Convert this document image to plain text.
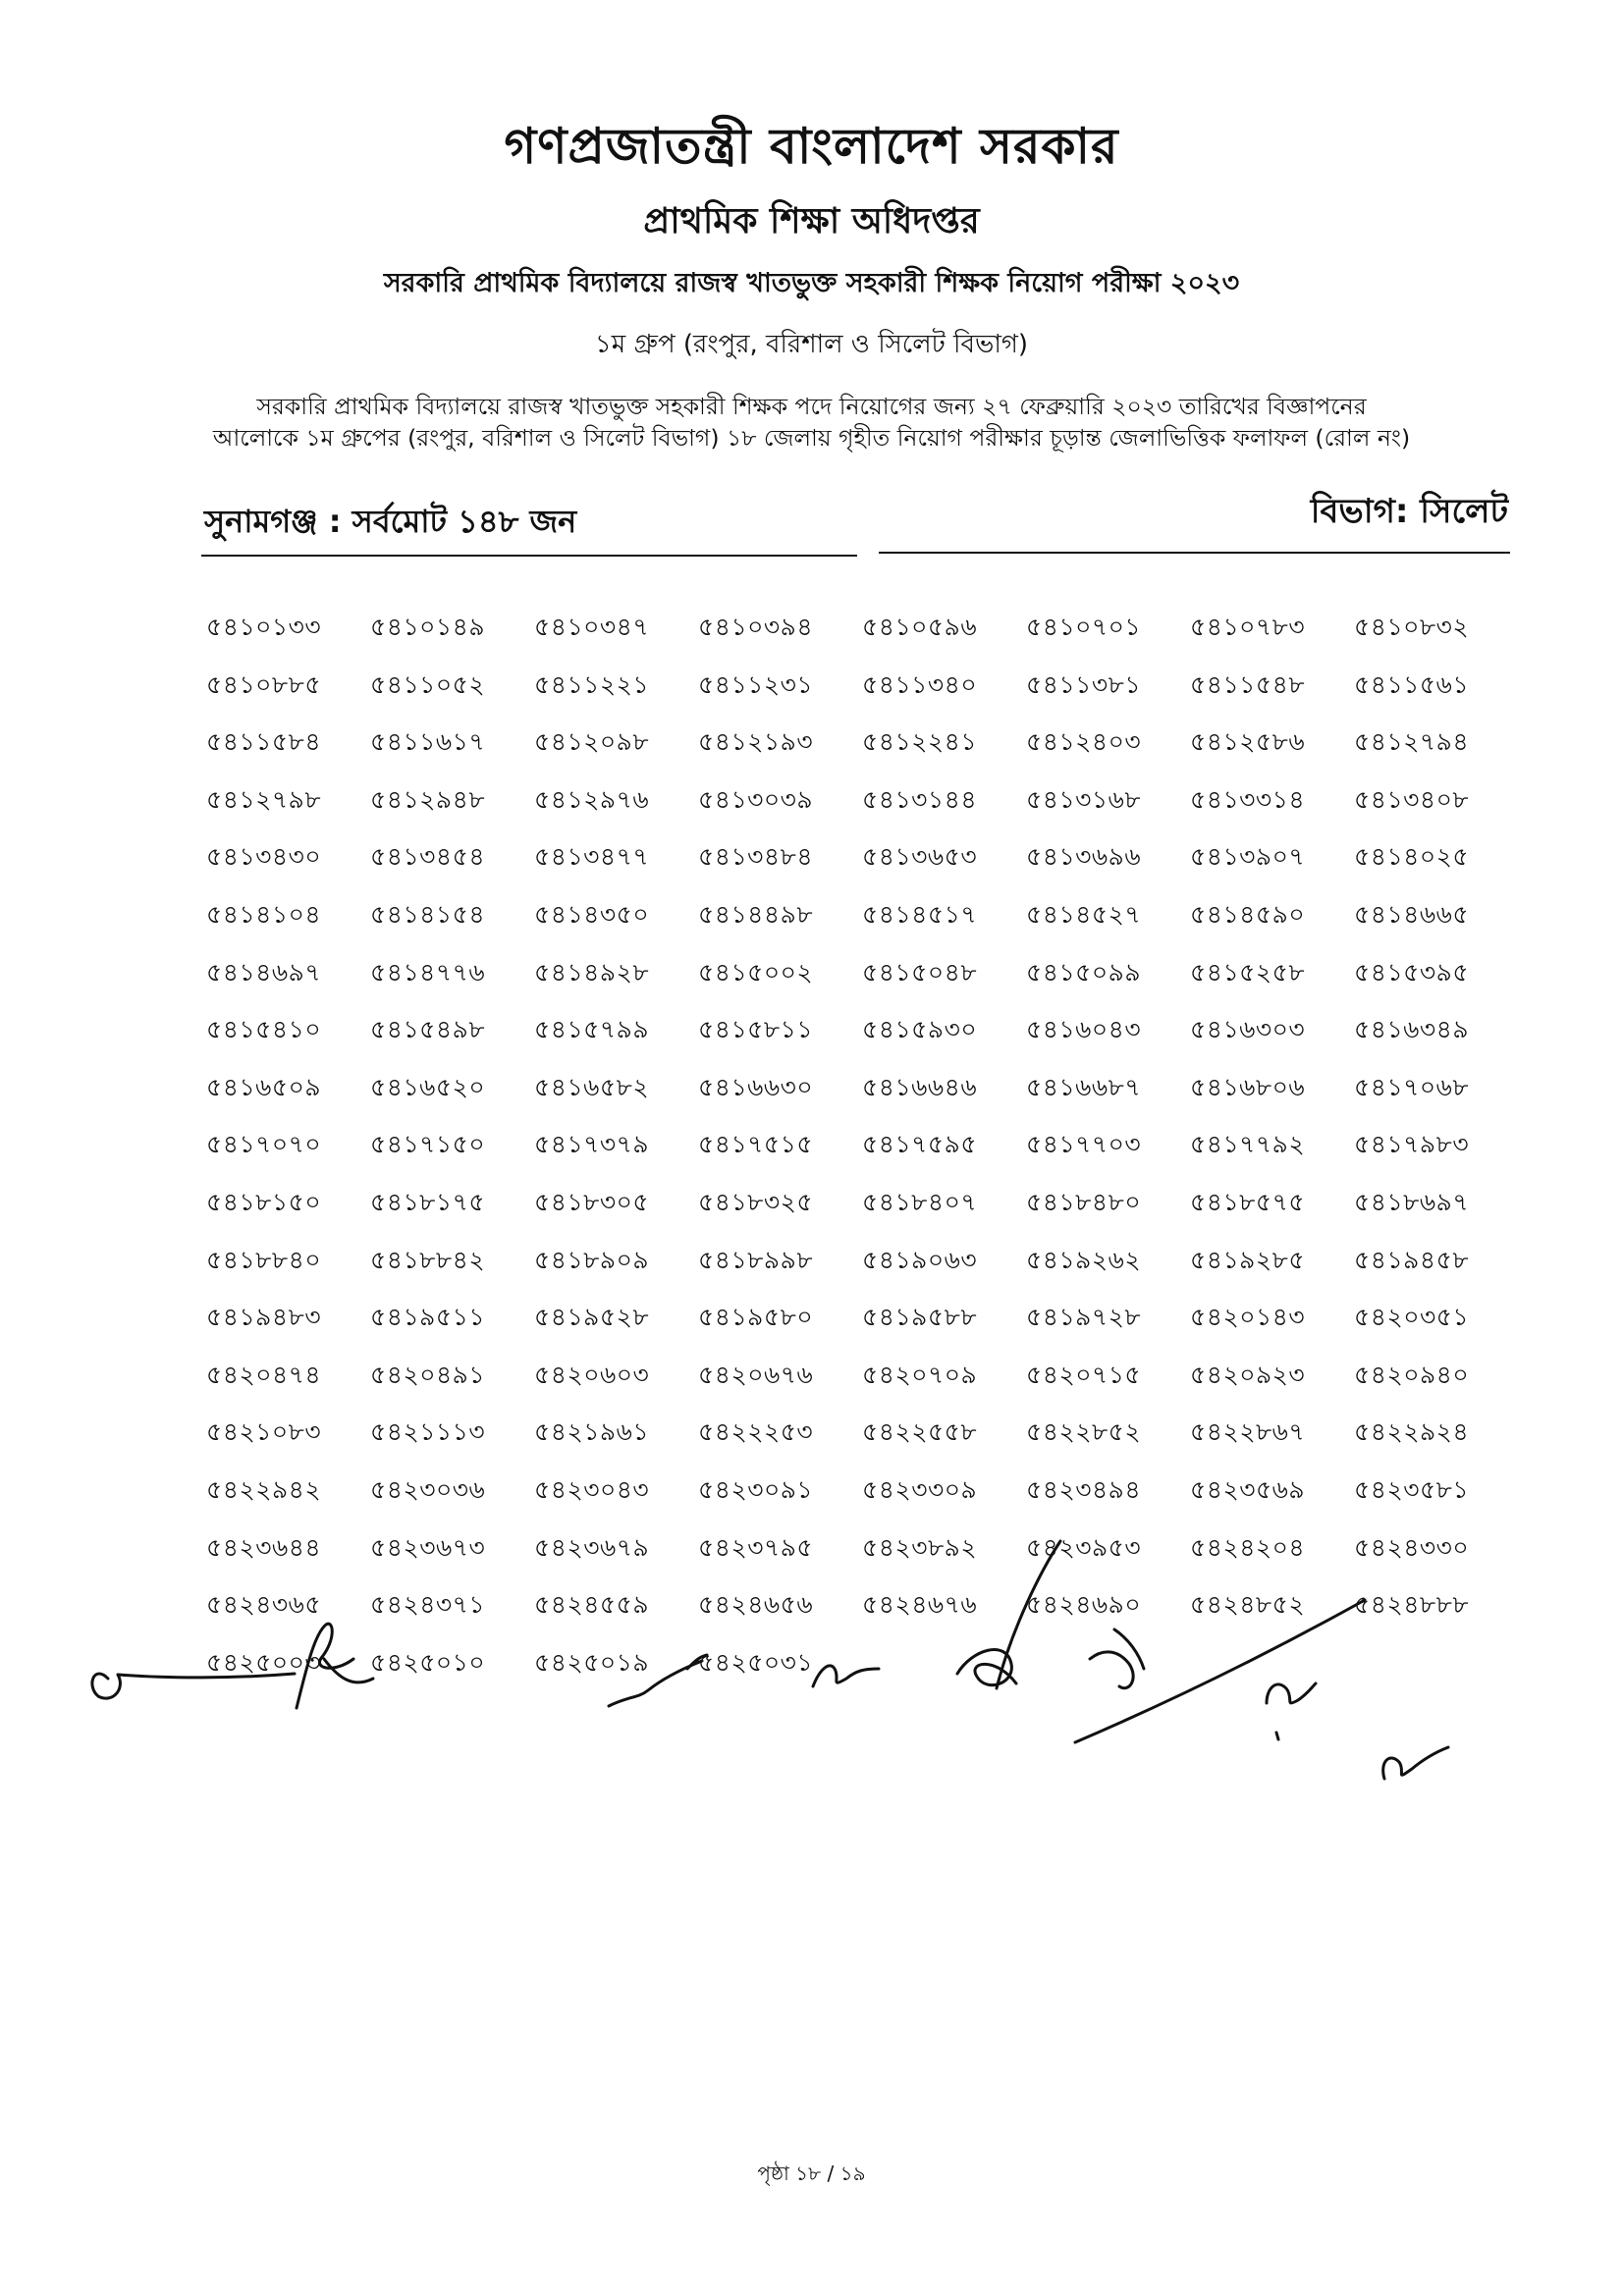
গণপ্রজাতন্ত্রী বাংলাদেশ সরকার
প্রাথমিক শিক্ষা অধিদপ্তর
সরকারি প্রাথমিক বিদ্যালয়ে রাজস্ব খাতভুক্ত সহকারী শিক্ষক নিয়োগ পরীক্ষা ২০২৩
১ম গ্রুপ (রংপুর, বরিশাল ও সিলেট বিভাগ)
সরকারি প্রাথমিক বিদ্যালয়ে রাজস্ব খাতভুক্ত সহকারী শিক্ষক পদে নিয়োগের জন্য ২৭ ফেব্রুয়ারি ২০২৩ তারিখের বিজ্ঞাপনের
আলোকে ১ম গ্রুপের (রংপুর, বরিশাল ও সিলেট বিভাগ) ১৮ জেলায় গৃহীত নিয়োগ পরীক্ষার চূড়ান্ত জেলাভিত্তিক ফলাফল (রোল নং)
সুনামগঞ্জ : সর্বমোট ১৪৮ জন	বিভাগ: সিলেট
৫৪১০১৩৩	৫৪১০১৪৯	৫৪১০৩৪৭	৫৪১০৩৯৪	৫৪১০৫৯৬	৫৪১০৭০১	৫৪১০৭৮৩	৫৪১০৮৩২
৫৪১০৮৮৫	৫৪১১০৫২	৫৪১১২২১	৫৪১১২৩১	৫৪১১৩৪০	৫৪১১৩৮১	৫৪১১৫৪৮	৫৪১১৫৬১
৫৪১১৫৮৪	৫৪১১৬১৭	৫৪১২০৯৮	৫৪১২১৯৩	৫৪১২২৪১	৫৪১২৪০৩	৫৪১২৫৮৬	৫৪১২৭৯৪
৫৪১২৭৯৮	৫৪১২৯৪৮	৫৪১২৯৭৬	৫৪১৩০৩৯	৫৪১৩১৪৪	৫৪১৩১৬৮	৫৪১৩৩১৪	৫৪১৩৪০৮
৫৪১৩৪৩০	৫৪১৩৪৫৪	৫৪১৩৪৭৭	৫৪১৩৪৮৪	৫৪১৩৬৫৩	৫৪১৩৬৯৬	৫৪১৩৯০৭	৫৪১৪০২৫
৫৪১৪১০৪	৫৪১৪১৫৪	৫৪১৪৩৫০	৫৪১৪৪৯৮	৫৪১৪৫১৭	৫৪১৪৫২৭	৫৪১৪৫৯০	৫৪১৪৬৬৫
৫৪১৪৬৯৭	৫৪১৪৭৭৬	৫৪১৪৯২৮	৫৪১৫০০২	৫৪১৫০৪৮	৫৪১৫০৯৯	৫৪১৫২৫৮	৫৪১৫৩৯৫
৫৪১৫৪১০	৫৪১৫৪৯৮	৫৪১৫৭৯৯	৫৪১৫৮১১	৫৪১৫৯৩০	৫৪১৬০৪৩	৫৪১৬৩০৩	৫৪১৬৩৪৯
৫৪১৬৫০৯	৫৪১৬৫২০	৫৪১৬৫৮২	৫৪১৬৬৩০	৫৪১৬৬৪৬	৫৪১৬৬৮৭	৫৪১৬৮০৬	৫৪১৭০৬৮
৫৪১৭০৭০	৫৪১৭১৫০	৫৪১৭৩৭৯	৫৪১৭৫১৫	৫৪১৭৫৯৫	৫৪১৭৭০৩	৫৪১৭৭৯২	৫৪১৭৯৮৩
৫৪১৮১৫০	৫৪১৮১৭৫	৫৪১৮৩০৫	৫৪১৮৩২৫	৫৪১৮৪০৭	৫৪১৮৪৮০	৫৪১৮৫৭৫	৫৪১৮৬৯৭
৫৪১৮৮৪০	৫৪১৮৮৪২	৫৪১৮৯০৯	৫৪১৮৯৯৮	৫৪১৯০৬৩	৫৪১৯২৬২	৫৪১৯২৮৫	৫৪১৯৪৫৮
৫৪১৯৪৮৩	৫৪১৯৫১১	৫৪১৯৫২৮	৫৪১৯৫৮০	৫৪১৯৫৮৮	৫৪১৯৭২৮	৫৪২০১৪৩	৫৪২০৩৫১
৫৪২০৪৭৪	৫৪২০৪৯১	৫৪২০৬০৩	৫৪২০৬৭৬	৫৪২০৭০৯	৫৪২০৭১৫	৫৪২০৯২৩	৫৪২০৯৪০
৫৪২১০৮৩	৫৪২১১১৩	৫৪২১৯৬১	৫৪২২২৫৩	৫৪২২৫৫৮	৫৪২২৮৫২	৫৪২২৮৬৭	৫৪২২৯২৪
৫৪২২৯৪২	৫৪২৩০৩৬	৫৪২৩০৪৩	৫৪২৩০৯১	৫৪২৩৩০৯	৫৪২৩৪৯৪	৫৪২৩৫৬৯	৫৪২৩৫৮১
৫৪২৩৬৪৪	৫৪২৩৬৭৩	৫৪২৩৬৭৯	৫৪২৩৭৯৫	৫৪২৩৮৯২	৫৪২৩৯৫৩	৫৪২৪২০৪	৫৪২৪৩৩০
৫৪২৪৩৬৫	৫৪২৪৩৭১	৫৪২৪৫৫৯	৫৪২৪৬৫৬	৫৪২৪৬৭৬	৫৪২৪৬৯০	৫৪২৪৮৫২	৫৪২৪৮৮৮
৫৪২৫০০৩	৫৪২৫০১০	৫৪২৫০১৯	৫৪২৫০৩১
পৃষ্ঠা ১৮ / ১৯
